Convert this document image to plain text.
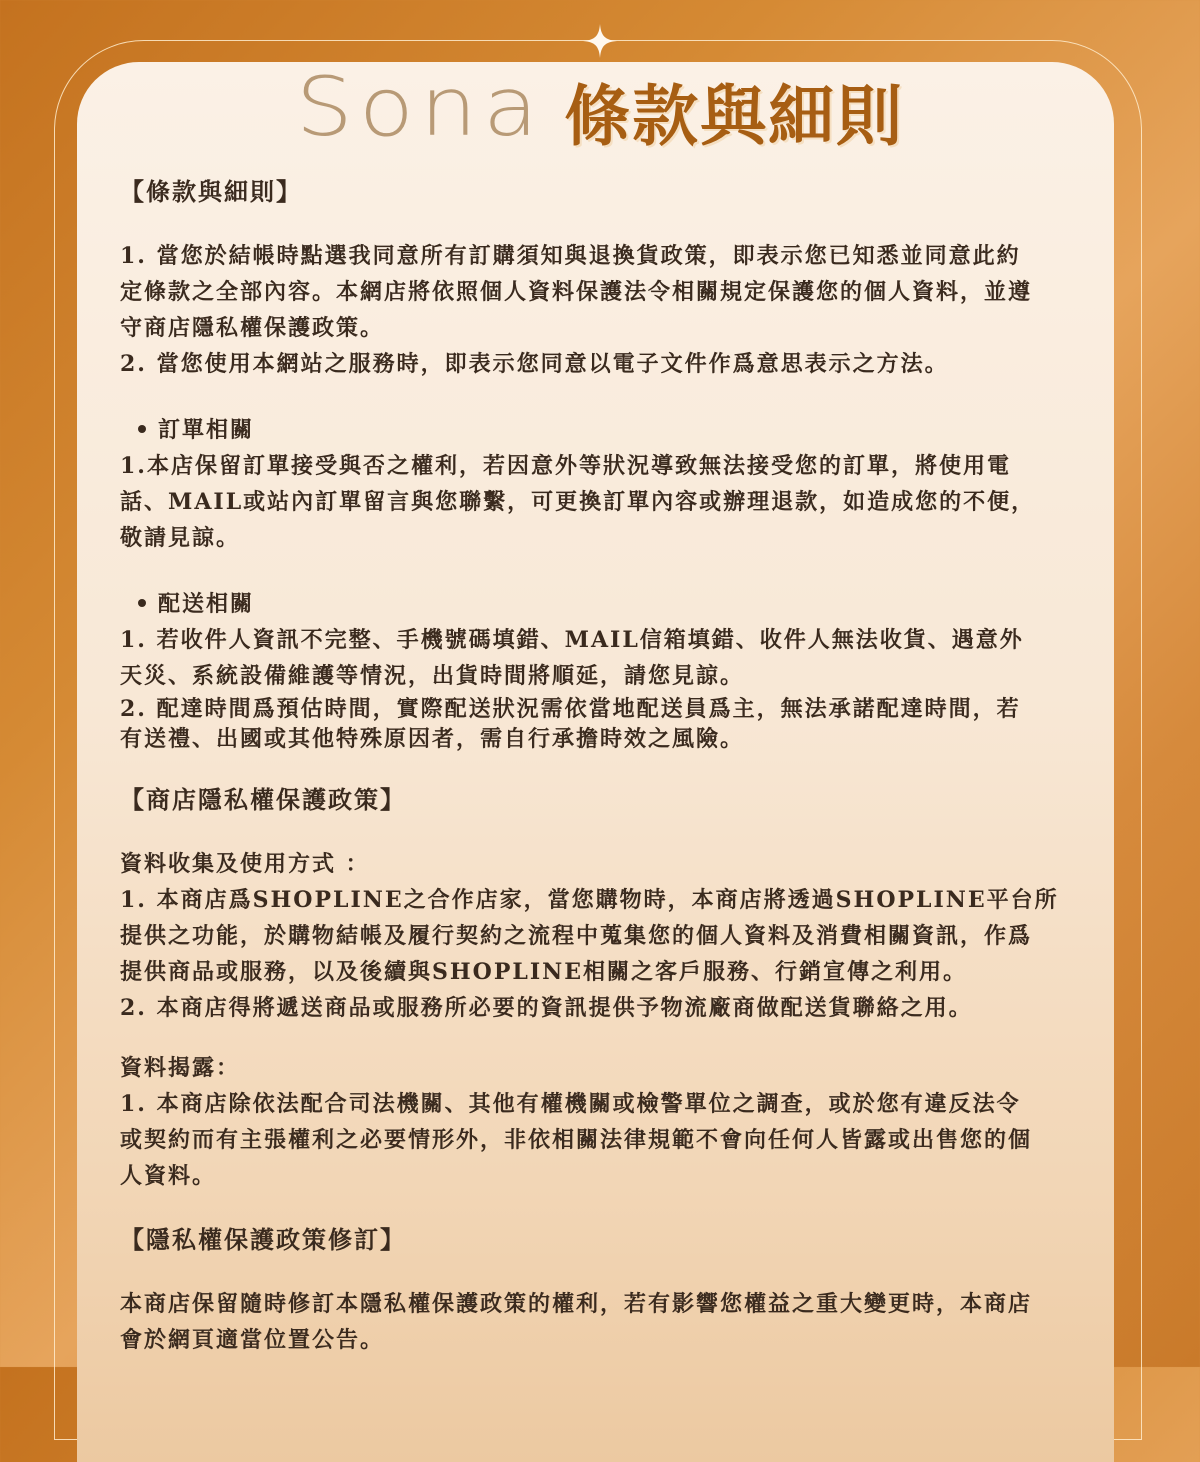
Sona 條款與細則

【條款與細則】

1. 當您於結帳時點選我同意所有訂購須知與退換貨政策，即表示您已知悉並同意此約

定條款之全部內容。本網店將依照個人資料保護法令相關規定保護您的個人資料，並遵

守商店隱私權保護政策。

2. 當您使用本網站之服務時，即表示您同意以電子文件作爲意思表示之方法。

訂單相關

1.本店保留訂單接受與否之權利，若因意外等狀況導致無法接受您的訂單，將使用電

話、MAIL或站內訂單留言與您聯繫，可更換訂單內容或辦理退款，如造成您的不便，

敬請見諒。

配送相關

1. 若收件人資訊不完整、手機號碼填錯、MAIL信箱填錯、收件人無法收貨、遇意外

天災、系統設備維護等情況，出貨時間將順延，請您見諒。

2. 配達時間爲預估時間，實際配送狀況需依當地配送員爲主，無法承諾配達時間，若

有送禮、出國或其他特殊原因者，需自行承擔時效之風險。

【商店隱私權保護政策】

資料收集及使用方式 ：

1. 本商店爲SHOPLINE之合作店家，當您購物時，本商店將透過SHOPLINE平台所

提供之功能，於購物結帳及履行契約之流程中蒐集您的個人資料及消費相關資訊，作爲

提供商品或服務，以及後續與SHOPLINE相關之客戶服務、行銷宣傳之利用。

2. 本商店得將遞送商品或服務所必要的資訊提供予物流廠商做配送貨聯絡之用。

資料揭露：

1. 本商店除依法配合司法機關、其他有權機關或檢警單位之調查，或於您有違反法令

或契約而有主張權利之必要情形外，非依相關法律規範不會向任何人皆露或出售您的個

人資料。

【隱私權保護政策修訂】

本商店保留隨時修訂本隱私權保護政策的權利，若有影響您權益之重大變更時，本商店

會於網頁適當位置公告。
